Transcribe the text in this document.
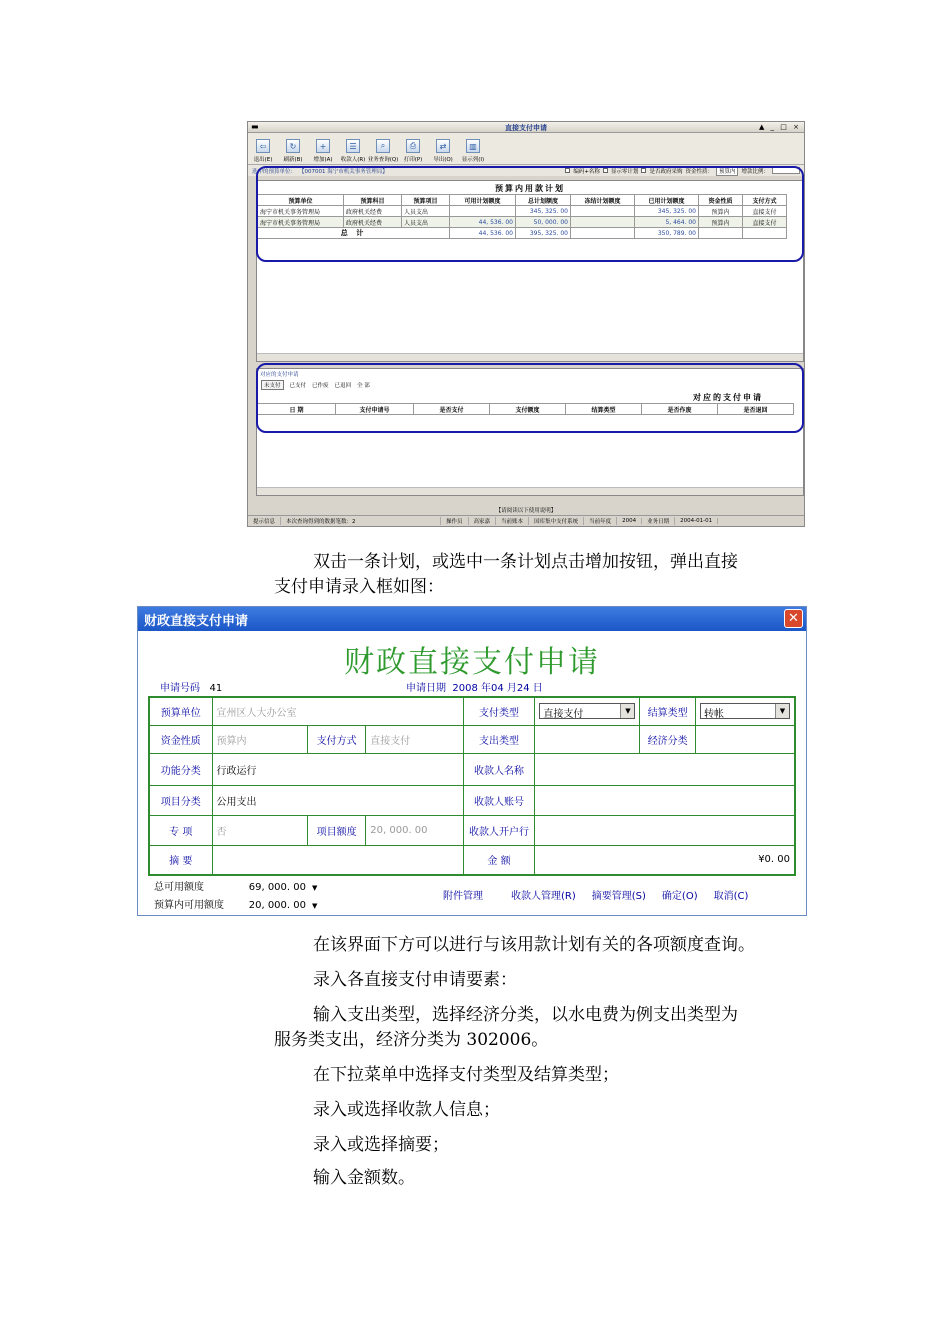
▬	直接支付申请	▲ _ □ ×
⇦
退出(E)
↻
刷新(B)
+
增加(A)
☰
收款人(R)
⌕
业务查询(Q)
⎙
打印(P)
⇄
导出(O)
▥
显示列(I)
选中的预算单位： 【007001 海宁市机关事务管理局】	编码+名称 显示零计划 是否政府采购 资金性质：	预算内	增款比例：
预算内用款计划
预算单位	预算科目	预算项目	可用计划额度	总计划额度	冻结计划额度	已用计划额度	资金性质	支付方式
海宁市机关事务管理局	政府机关经费	人员支出		345, 325. 00		345, 325. 00	预算内	直接支付
海宁市机关事务管理局	政府机关经费	人员支出	44, 536. 00	50, 000. 00		5, 464. 00	预算内	直接支付
总 计			44, 536. 00	395, 325. 00		350, 789. 00		
对应的支付申请
未支付	已支付 已作废 已退回 全 部
对应的支付申请
日 期	支付申请号	是否支付	支付额度	结算类型	是否作废	是否退回
【请阅读以下使用说明】
提示信息	本次查询得到的数据笔数：2	操作员	高家嘉	当前账本	国库集中支付系统	当前年度	2004	业务日期	2004-01-01
双击一条计划，或选中一条计划点击增加按钮，弹出直接
支付申请录入框如图：
财政直接支付申请	✕
财政直接支付申请
申请号码 41	申请日期 2008 年04 月24 日
预算单位	宣州区人大办公室			支付类型	直接支付 ▼	结算类型	转帐 ▼

资金性质	预算内	支付方式	直接支付	支出类型		经济分类	
功能分类	行政运行			收款人名称			
项目分类	公用支出			收款人账号			
专 项	否	项目额度	20, 000. 00	收款人开户行			
摘 要				金 额	¥0. 00		
总可用额度	69, 000. 00 ▼
预算内可用额度	20, 000. 00 ▼
附件管理	收款人管理(R) 摘要管理(S) 确定(O) 取消(C)
在该界面下方可以进行与该用款计划有关的各项额度查询。
录入各直接支付申请要素：
输入支出类型，选择经济分类，以水电费为例支出类型为
服务类支出，经济分类为 302006。
在下拉菜单中选择支付类型及结算类型；
录入或选择收款人信息；
录入或选择摘要；
输入金额数。
